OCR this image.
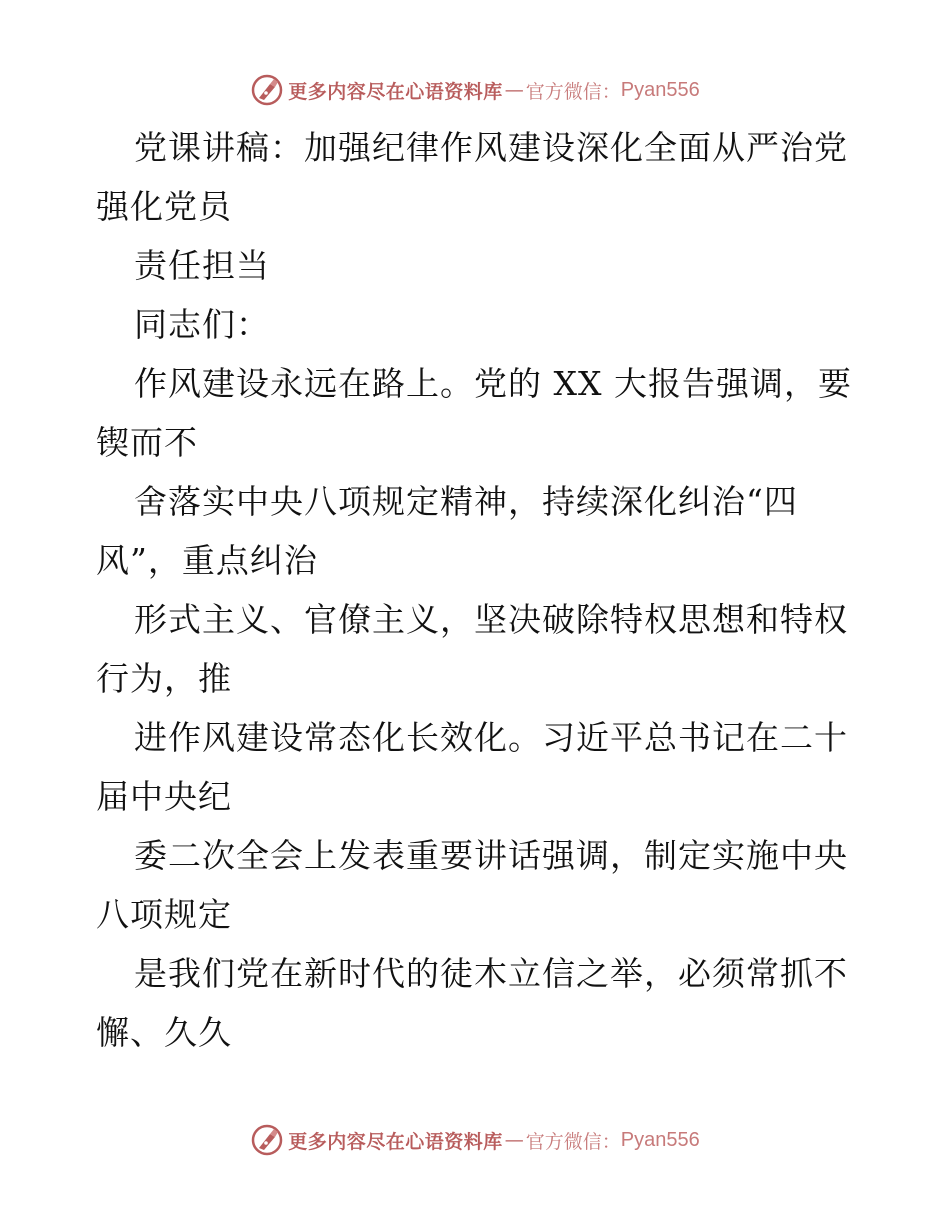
更多内容尽在心语资料库 — 官方微信： Pyan556
党课讲稿：加强纪律作风建设深化全面从严治党
强化党员
责任担当
同志们：
作风建设永远在路上。党的 XX 大报告强调，要
锲而不
舍落实中央八项规定精神，持续深化纠治“四
风”，重点纠治
形式主义、官僚主义，坚决破除特权思想和特权
行为，推
进作风建设常态化长效化。习近平总书记在二十
届中央纪
委二次全会上发表重要讲话强调，制定实施中央
八项规定
是我们党在新时代的徒木立信之举，必须常抓不
懈、久久
更多内容尽在心语资料库 — 官方微信： Pyan556
